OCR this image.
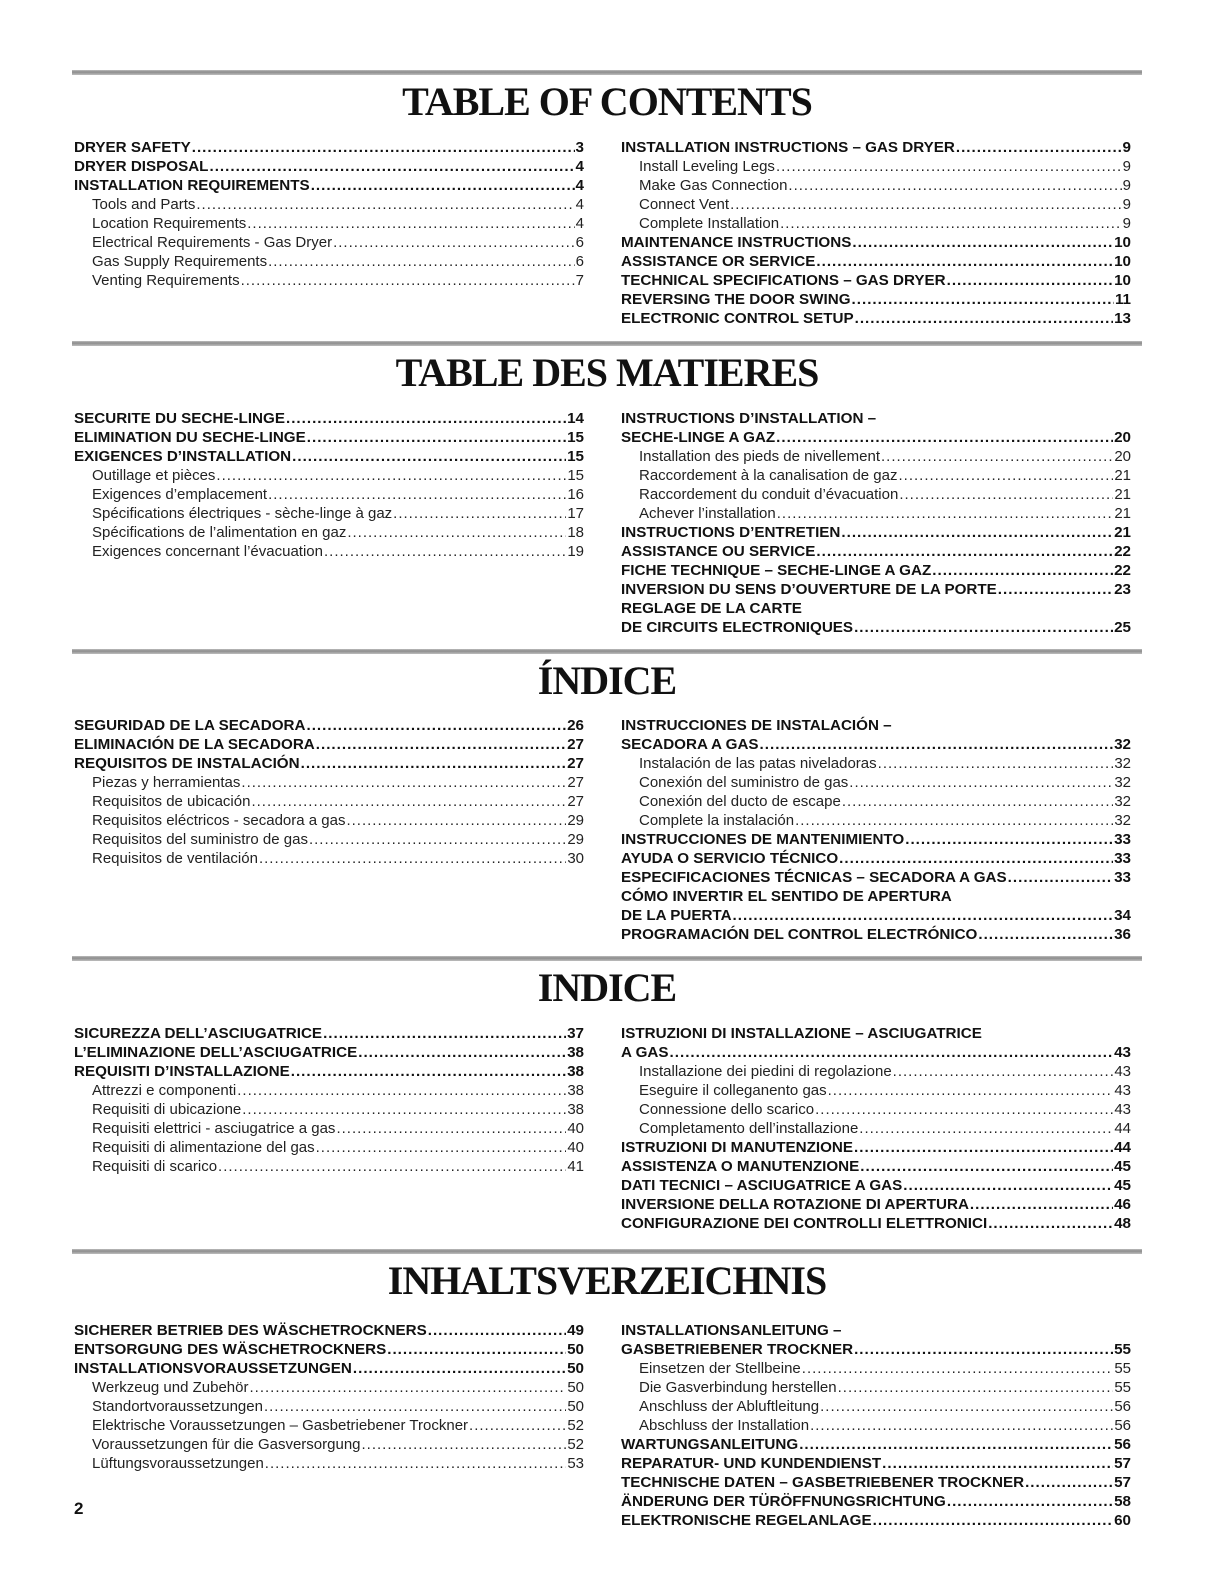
TABLE OF CONTENTS
DRYER SAFETY .....	3
DRYER DISPOSAL .....	4
INSTALLATION REQUIREMENTS .....	4
Tools and Parts .....	4
Location Requirements .....	4
Electrical Requirements - Gas Dryer .....	6
Gas Supply Requirements .....	6
Venting Requirements .....	7
INSTALLATION INSTRUCTIONS – GAS DRYER .....	9
Install Leveling Legs .....	9
Make Gas Connection .....	9
Connect Vent .....	9
Complete Installation .....	9
MAINTENANCE INSTRUCTIONS .....	10
ASSISTANCE OR SERVICE .....	10
TECHNICAL SPECIFICATIONS – GAS DRYER .....	10
REVERSING THE DOOR SWING .....	11
ELECTRONIC CONTROL SETUP .....	13
TABLE DES MATIERES
SECURITE DU SECHE-LINGE .....	14
ELIMINATION DU SECHE-LINGE .....	15
EXIGENCES D’INSTALLATION .....	15
Outillage et pièces .....	15
Exigences d’emplacement .....	16
Spécifications électriques - sèche-linge à gaz .....	17
Spécifications de l’alimentation en gaz .....	18
Exigences concernant l’évacuation .....	19
INSTRUCTIONS D’INSTALLATION –
SECHE-LINGE A GAZ .....	20
Installation des pieds de nivellement .....	20
Raccordement à la canalisation de gaz .....	21
Raccordement du conduit d’évacuation .....	21
Achever l’installation .....	21
INSTRUCTIONS D’ENTRETIEN .....	21
ASSISTANCE OU SERVICE .....	22
FICHE TECHNIQUE – SECHE-LINGE A GAZ .....	22
INVERSION DU SENS D’OUVERTURE DE LA PORTE .....	23
REGLAGE DE LA CARTE
DE CIRCUITS ELECTRONIQUES .....	25
ÍNDICE
SEGURIDAD DE LA SECADORA .....	26
ELIMINACIÓN DE LA SECADORA .....	27
REQUISITOS DE INSTALACIÓN .....	27
Piezas y herramientas .....	27
Requisitos de ubicación .....	27
Requisitos eléctricos - secadora a gas .....	29
Requisitos del suministro de gas .....	29
Requisitos de ventilación .....	30
INSTRUCCIONES DE INSTALACIÓN –
SECADORA A GAS .....	32
Instalación de las patas niveladoras .....	32
Conexión del suministro de gas .....	32
Conexión del ducto de escape .....	32
Complete la instalación .....	32
INSTRUCCIONES DE MANTENIMIENTO .....	33
AYUDA O SERVICIO TÉCNICO .....	33
ESPECIFICACIONES TÉCNICAS – SECADORA A GAS .....	33
CÓMO INVERTIR EL SENTIDO DE APERTURA
DE LA PUERTA .....	34
PROGRAMACIÓN DEL CONTROL ELECTRÓNICO .....	36
INDICE
SICUREZZA DELL’ASCIUGATRICE .....	37
L’ELIMINAZIONE DELL’ASCIUGATRICE .....	38
REQUISITI D’INSTALLAZIONE .....	38
Attrezzi e componenti .....	38
Requisiti di ubicazione .....	38
Requisiti elettrici - asciugatrice a gas .....	40
Requisiti di alimentazione del gas .....	40
Requisiti di scarico .....	41
ISTRUZIONI DI INSTALLAZIONE – ASCIUGATRICE
A GAS .....	43
Installazione dei piedini di regolazione .....	43
Eseguire il colleganento gas .....	43
Connessione dello scarico .....	43
Completamento dell’installazione .....	44
ISTRUZIONI DI MANUTENZIONE .....	44
ASSISTENZA O MANUTENZIONE .....	45
DATI TECNICI – ASCIUGATRICE A GAS .....	45
INVERSIONE DELLA ROTAZIONE DI APERTURA .....	46
CONFIGURAZIONE DEI CONTROLLI ELETTRONICI .....	48
INHALTSVERZEICHNIS
SICHERER BETRIEB DES WÄSCHETROCKNERS .....	49
ENTSORGUNG DES WÄSCHETROCKNERS .....	50
INSTALLATIONSVORAUSSETZUNGEN .....	50
Werkzeug und Zubehör .....	50
Standortvoraussetzungen .....	50
Elektrische Voraussetzungen – Gasbetriebener Trockner .....	52
Voraussetzungen für die Gasversorgung .....	52
Lüftungsvoraussetzungen .....	53
INSTALLATIONSANLEITUNG –
GASBETRIEBENER TROCKNER .....	55
Einsetzen der Stellbeine .....	55
Die Gasverbindung herstellen .....	55
Anschluss der Abluftleitung .....	56
Abschluss der Installation .....	56
WARTUNGSANLEITUNG .....	56
REPARATUR- UND KUNDENDIENST .....	57
TECHNISCHE DATEN – GASBETRIEBENER TROCKNER .....	57
ÄNDERUNG DER TÜRÖFFNUNGSRICHTUNG .....	58
ELEKTRONISCHE REGELANLAGE .....	60
2
